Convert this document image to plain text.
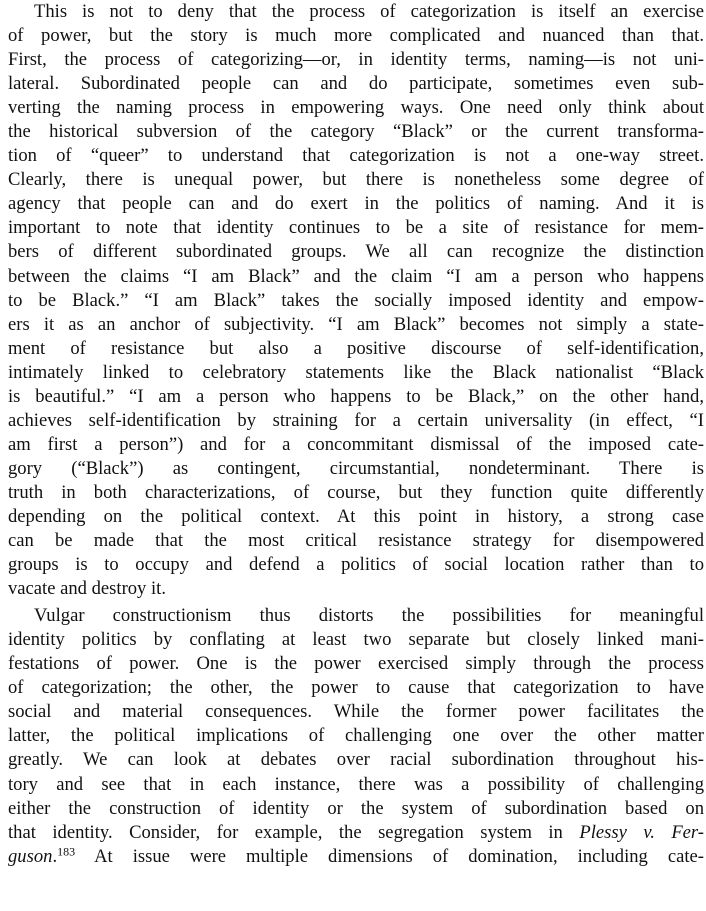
This is not to deny that the process of categorization is itself an exercise
of power, but the story is much more complicated and nuanced than that.
First, the process of categorizing—or, in identity terms, naming—is not uni-
lateral. Subordinated people can and do participate, sometimes even sub-
verting the naming process in empowering ways. One need only think about
the historical subversion of the category “Black” or the current transforma-
tion of “queer” to understand that categorization is not a one-way street.
Clearly, there is unequal power, but there is nonetheless some degree of
agency that people can and do exert in the politics of naming. And it is
important to note that identity continues to be a site of resistance for mem-
bers of different subordinated groups. We all can recognize the distinction
between the claims “I am Black” and the claim “I am a person who happens
to be Black.” “I am Black” takes the socially imposed identity and empow-
ers it as an anchor of subjectivity. “I am Black” becomes not simply a state-
ment of resistance but also a positive discourse of self-identification,
intimately linked to celebratory statements like the Black nationalist “Black
is beautiful.” “I am a person who happens to be Black,” on the other hand,
achieves self-identification by straining for a certain universality (in effect, “I
am first a person”) and for a concommitant dismissal of the imposed cate-
gory (“Black”) as contingent, circumstantial, nondeterminant. There is
truth in both characterizations, of course, but they function quite differently
depending on the political context. At this point in history, a strong case
can be made that the most critical resistance strategy for disempowered
groups is to occupy and defend a politics of social location rather than to
vacate and destroy it.
Vulgar constructionism thus distorts the possibilities for meaningful
identity politics by conflating at least two separate but closely linked mani-
festations of power. One is the power exercised simply through the process
of categorization; the other, the power to cause that categorization to have
social and material consequences. While the former power facilitates the
latter, the political implications of challenging one over the other matter
greatly. We can look at debates over racial subordination throughout his-
tory and see that in each instance, there was a possibility of challenging
either the construction of identity or the system of subordination based on
that identity. Consider, for example, the segregation system in Plessy v. Fer-
guson.$^{183}$ At issue were multiple dimensions of domination, including cate-
